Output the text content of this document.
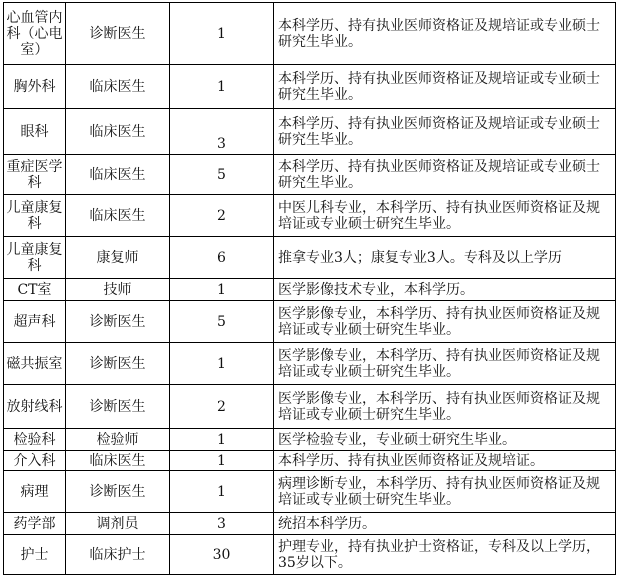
心血管内科（心电室）	诊断医生	1	本科学历、持有执业医师资格证及规培证或专业硕士研究生毕业。
胸外科	临床医生	1	本科学历、持有执业医师资格证及规培证或专业硕士研究生毕业。
眼科	临床医生	3	本科学历、持有执业医师资格证及规培证或专业硕士研究生毕业。
重症医学科	临床医生	5	本科学历、持有执业医师资格证及规培证或专业硕士研究生毕业。
儿童康复科	临床医生	2	中医儿科专业，本科学历、持有执业医师资格证及规培证或专业硕士研究生毕业。
儿童康复科	康复师	6	推拿专业3人；康复专业3人。专科及以上学历
CT室	技师	1	医学影像技术专业，本科学历。
超声科	诊断医生	5	医学影像专业，本科学历、持有执业医师资格证及规培证或专业硕士研究生毕业。
磁共振室	诊断医生	1	医学影像专业，本科学历、持有执业医师资格证及规培证或专业硕士研究生毕业。
放射线科	诊断医生	2	医学影像专业，本科学历、持有执业医师资格证及规培证或专业硕士研究生毕业。
检验科	检验师	1	医学检验专业，专业硕士研究生毕业。
介入科	临床医生	1	本科学历、持有执业医师资格证及规培证。
病理	诊断医生	1	病理诊断专业，本科学历、持有执业医师资格证及规培证或专业硕士研究生毕业。
药学部	调剂员	3	统招本科学历。
护士	临床护士	30	护理专业，持有执业护士资格证，专科及以上学历，35岁以下。
